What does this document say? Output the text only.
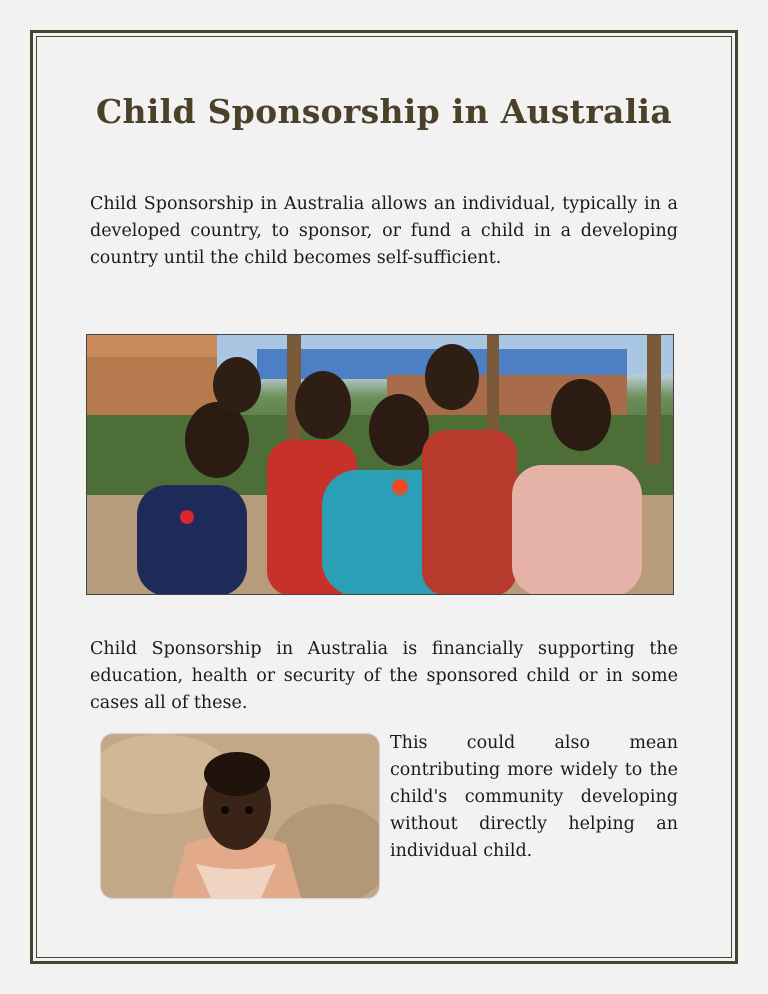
Child Sponsorship in Australia

Child Sponsorship in Australia allows an individual, typically in a developed country, to sponsor, or fund a child in a developing country until the child becomes self-sufficient.

Child Sponsorship in Australia is financially supporting the education, health or security of the sponsored child or in some cases all of these.

This could also mean contributing more widely to the child's community developing without directly helping an individual child.
